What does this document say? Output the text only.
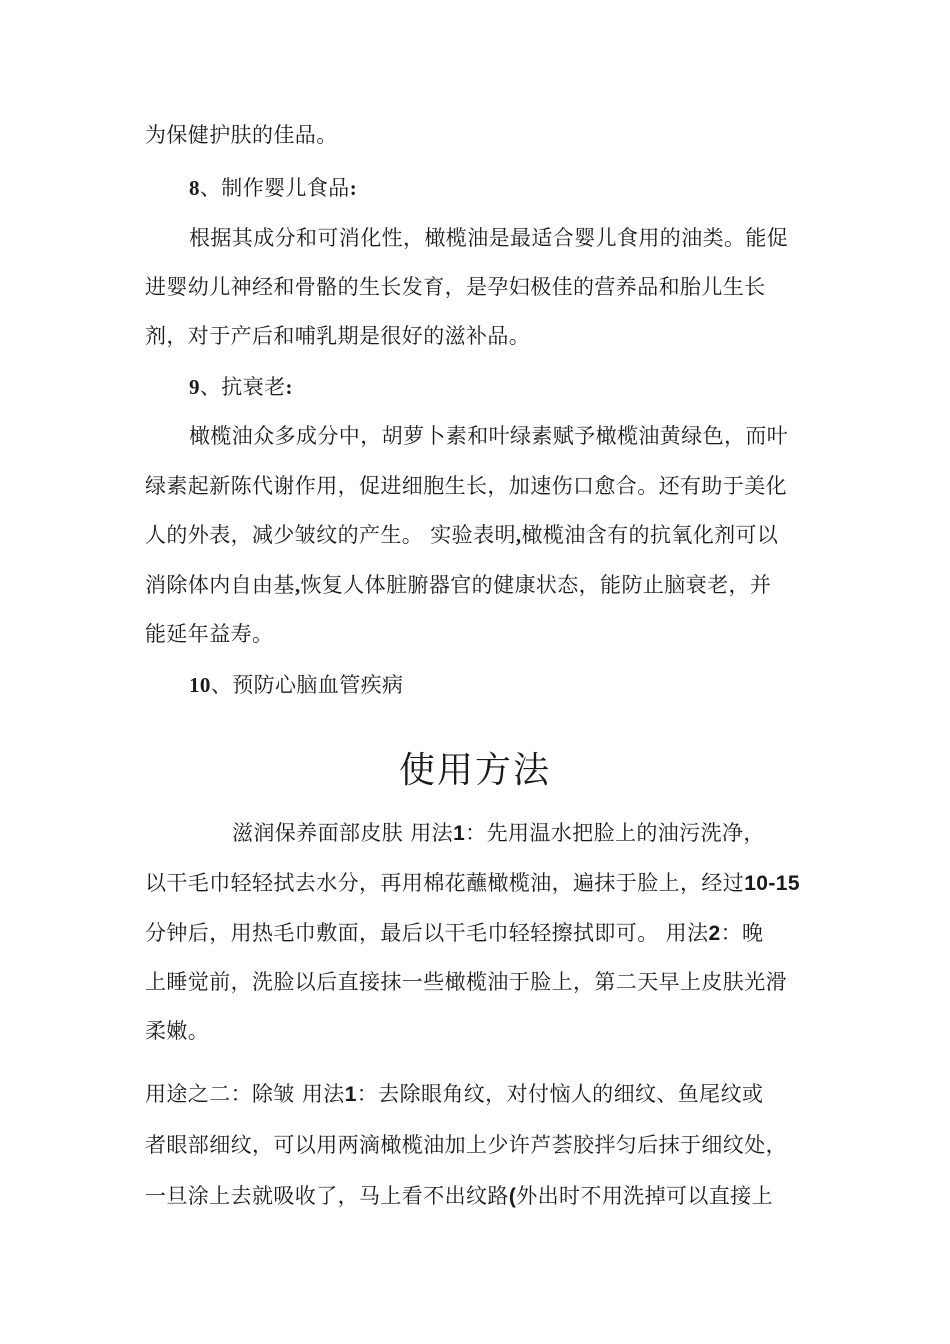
为保健护肤的佳品。
8、制作婴儿食品:
根据其成分和可消化性，橄榄油是最适合婴儿食用的油类。能促
进婴幼儿神经和骨骼的生长发育，是孕妇极佳的营养品和胎儿生长
剂，对于产后和哺乳期是很好的滋补品。
9、抗衰老:
橄榄油众多成分中，胡萝卜素和叶绿素赋予橄榄油黄绿色，而叶
绿素起新陈代谢作用，促进细胞生长，加速伤口愈合。还有助于美化
人的外表，减少皱纹的产生。 实验表明,橄榄油含有的抗氧化剂可以
消除体内自由基,恢复人体脏腑器官的健康状态，能防止脑衰老，并
能延年益寿。
10、预防心脑血管疾病
使用方法
滋润保养面部皮肤 用法1：先用温水把脸上的油污洗净，
以干毛巾轻轻拭去水分，再用棉花蘸橄榄油，遍抹于脸上，经过10-15
分钟后，用热毛巾敷面，最后以干毛巾轻轻擦拭即可。 用法2：晚
上睡觉前，洗脸以后直接抹一些橄榄油于脸上，第二天早上皮肤光滑
柔嫩。
用途之二：除皱 用法1：去除眼角纹，对付恼人的细纹、鱼尾纹或
者眼部细纹，可以用两滴橄榄油加上少许芦荟胶拌匀后抹于细纹处，
一旦涂上去就吸收了，马上看不出纹路(外出时不用洗掉可以直接上
